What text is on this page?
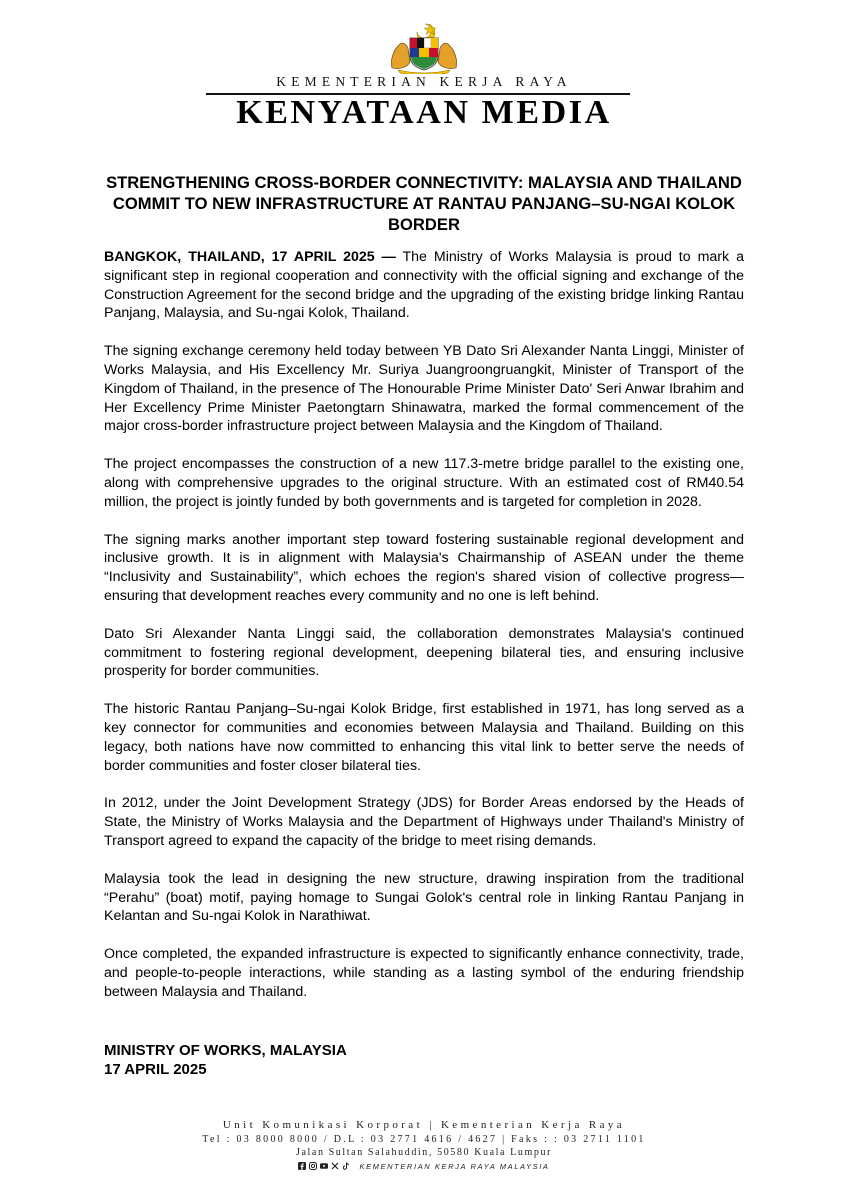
KEMENTERIAN KERJA RAYA
KENYATAAN MEDIA
STRENGTHENING CROSS-BORDER CONNECTIVITY: MALAYSIA AND THAILAND COMMIT TO NEW INFRASTRUCTURE AT RANTAU PANJANG–SU-NGAI KOLOK BORDER

BANGKOK, THAILAND, 17 APRIL 2025 — The Ministry of Works Malaysia is proud to mark a significant step in regional cooperation and connectivity with the official signing and exchange of the Construction Agreement for the second bridge and the upgrading of the existing bridge linking Rantau Panjang, Malaysia, and Su-ngai Kolok, Thailand.

The signing exchange ceremony held today between YB Dato Sri Alexander Nanta Linggi, Minister of Works Malaysia, and His Excellency Mr. Suriya Juangroongruangkit, Minister of Transport of the Kingdom of Thailand, in the presence of The Honourable Prime Minister Dato' Seri Anwar Ibrahim and Her Excellency Prime Minister Paetongtarn Shinawatra, marked the formal commencement of the major cross-border infrastructure project between Malaysia and the Kingdom of Thailand.

The project encompasses the construction of a new 117.3-metre bridge parallel to the existing one, along with comprehensive upgrades to the original structure. With an estimated cost of RM40.54 million, the project is jointly funded by both governments and is targeted for completion in 2028.

The signing marks another important step toward fostering sustainable regional development and inclusive growth. It is in alignment with Malaysia's Chairmanship of ASEAN under the theme “Inclusivity and Sustainability”, which echoes the region's shared vision of collective progress—ensuring that development reaches every community and no one is left behind.

Dato Sri Alexander Nanta Linggi said, the collaboration demonstrates Malaysia's continued commitment to fostering regional development, deepening bilateral ties, and ensuring inclusive prosperity for border communities.

The historic Rantau Panjang–Su-ngai Kolok Bridge, first established in 1971, has long served as a key connector for communities and economies between Malaysia and Thailand. Building on this legacy, both nations have now committed to enhancing this vital link to better serve the needs of border communities and foster closer bilateral ties.

In 2012, under the Joint Development Strategy (JDS) for Border Areas endorsed by the Heads of State, the Ministry of Works Malaysia and the Department of Highways under Thailand's Ministry of Transport agreed to expand the capacity of the bridge to meet rising demands.

Malaysia took the lead in designing the new structure, drawing inspiration from the traditional “Perahu” (boat) motif, paying homage to Sungai Golok's central role in linking Rantau Panjang in Kelantan and Su-ngai Kolok in Narathiwat.

Once completed, the expanded infrastructure is expected to significantly enhance connectivity, trade, and people-to-people interactions, while standing as a lasting symbol of the enduring friendship between Malaysia and Thailand.

MINISTRY OF WORKS, MALAYSIA
17 APRIL 2025
Unit Komunikasi Korporat | Kementerian Kerja Raya
Tel : 03 8000 8000 / D.L : 03 2771 4616 / 4627 | Faks : : 03 2711 1101
Jalan Sultan Salahuddin, 50580 Kuala Lumpur
KEMENTERIAN KERJA RAYA MALAYSIA
